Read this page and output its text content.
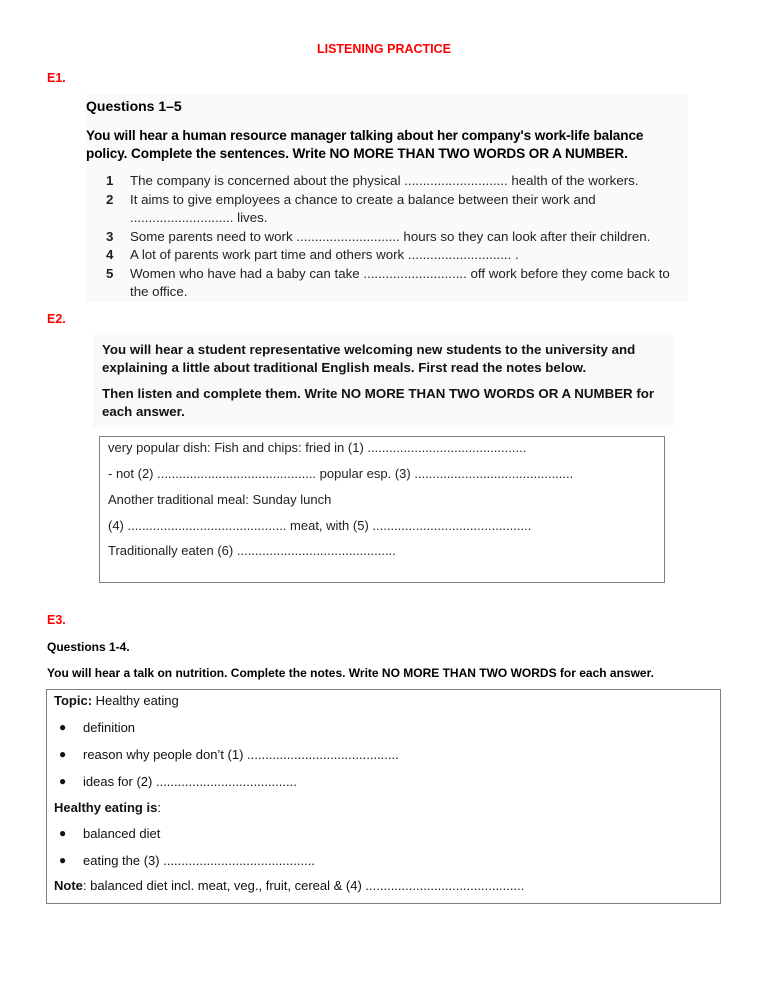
LISTENING PRACTICE
E1.
Questions 1–5
You will hear a human resource manager talking about her company's work-life balance policy. Complete the sentences. Write NO MORE THAN TWO WORDS OR A NUMBER.
1	The company is concerned about the physical ............................ health of the workers.
2	It aims to give employees a chance to create a balance between their work and ............................ lives.
3	Some parents need to work ............................ hours so they can look after their children.
4	A lot of parents work part time and others work ............................ .
5	Women who have had a baby can take ............................ off work before they come back to the office.
E2.
You will hear a student representative welcoming new students to the university and explaining a little about traditional English meals. First read the notes below.
Then listen and complete them. Write NO MORE THAN TWO WORDS OR A NUMBER for each answer.
very popular dish: Fish and chips: fried in (1) ............................................
- not (2) ............................................ popular esp. (3) ............................................
Another traditional meal: Sunday lunch
(4) ............................................ meat, with (5) ............................................
Traditionally eaten (6) ............................................
E3.
Questions 1-4.
You will hear a talk on nutrition. Complete the notes. Write NO MORE THAN TWO WORDS for each answer.
Topic: Healthy eating
●	definition
●	reason why people don’t (1) ..........................................
●	ideas for (2) .......................................
Healthy eating is:
●	balanced diet
●	eating the (3) ..........................................
Note: balanced diet incl. meat, veg., fruit, cereal & (4) ............................................
